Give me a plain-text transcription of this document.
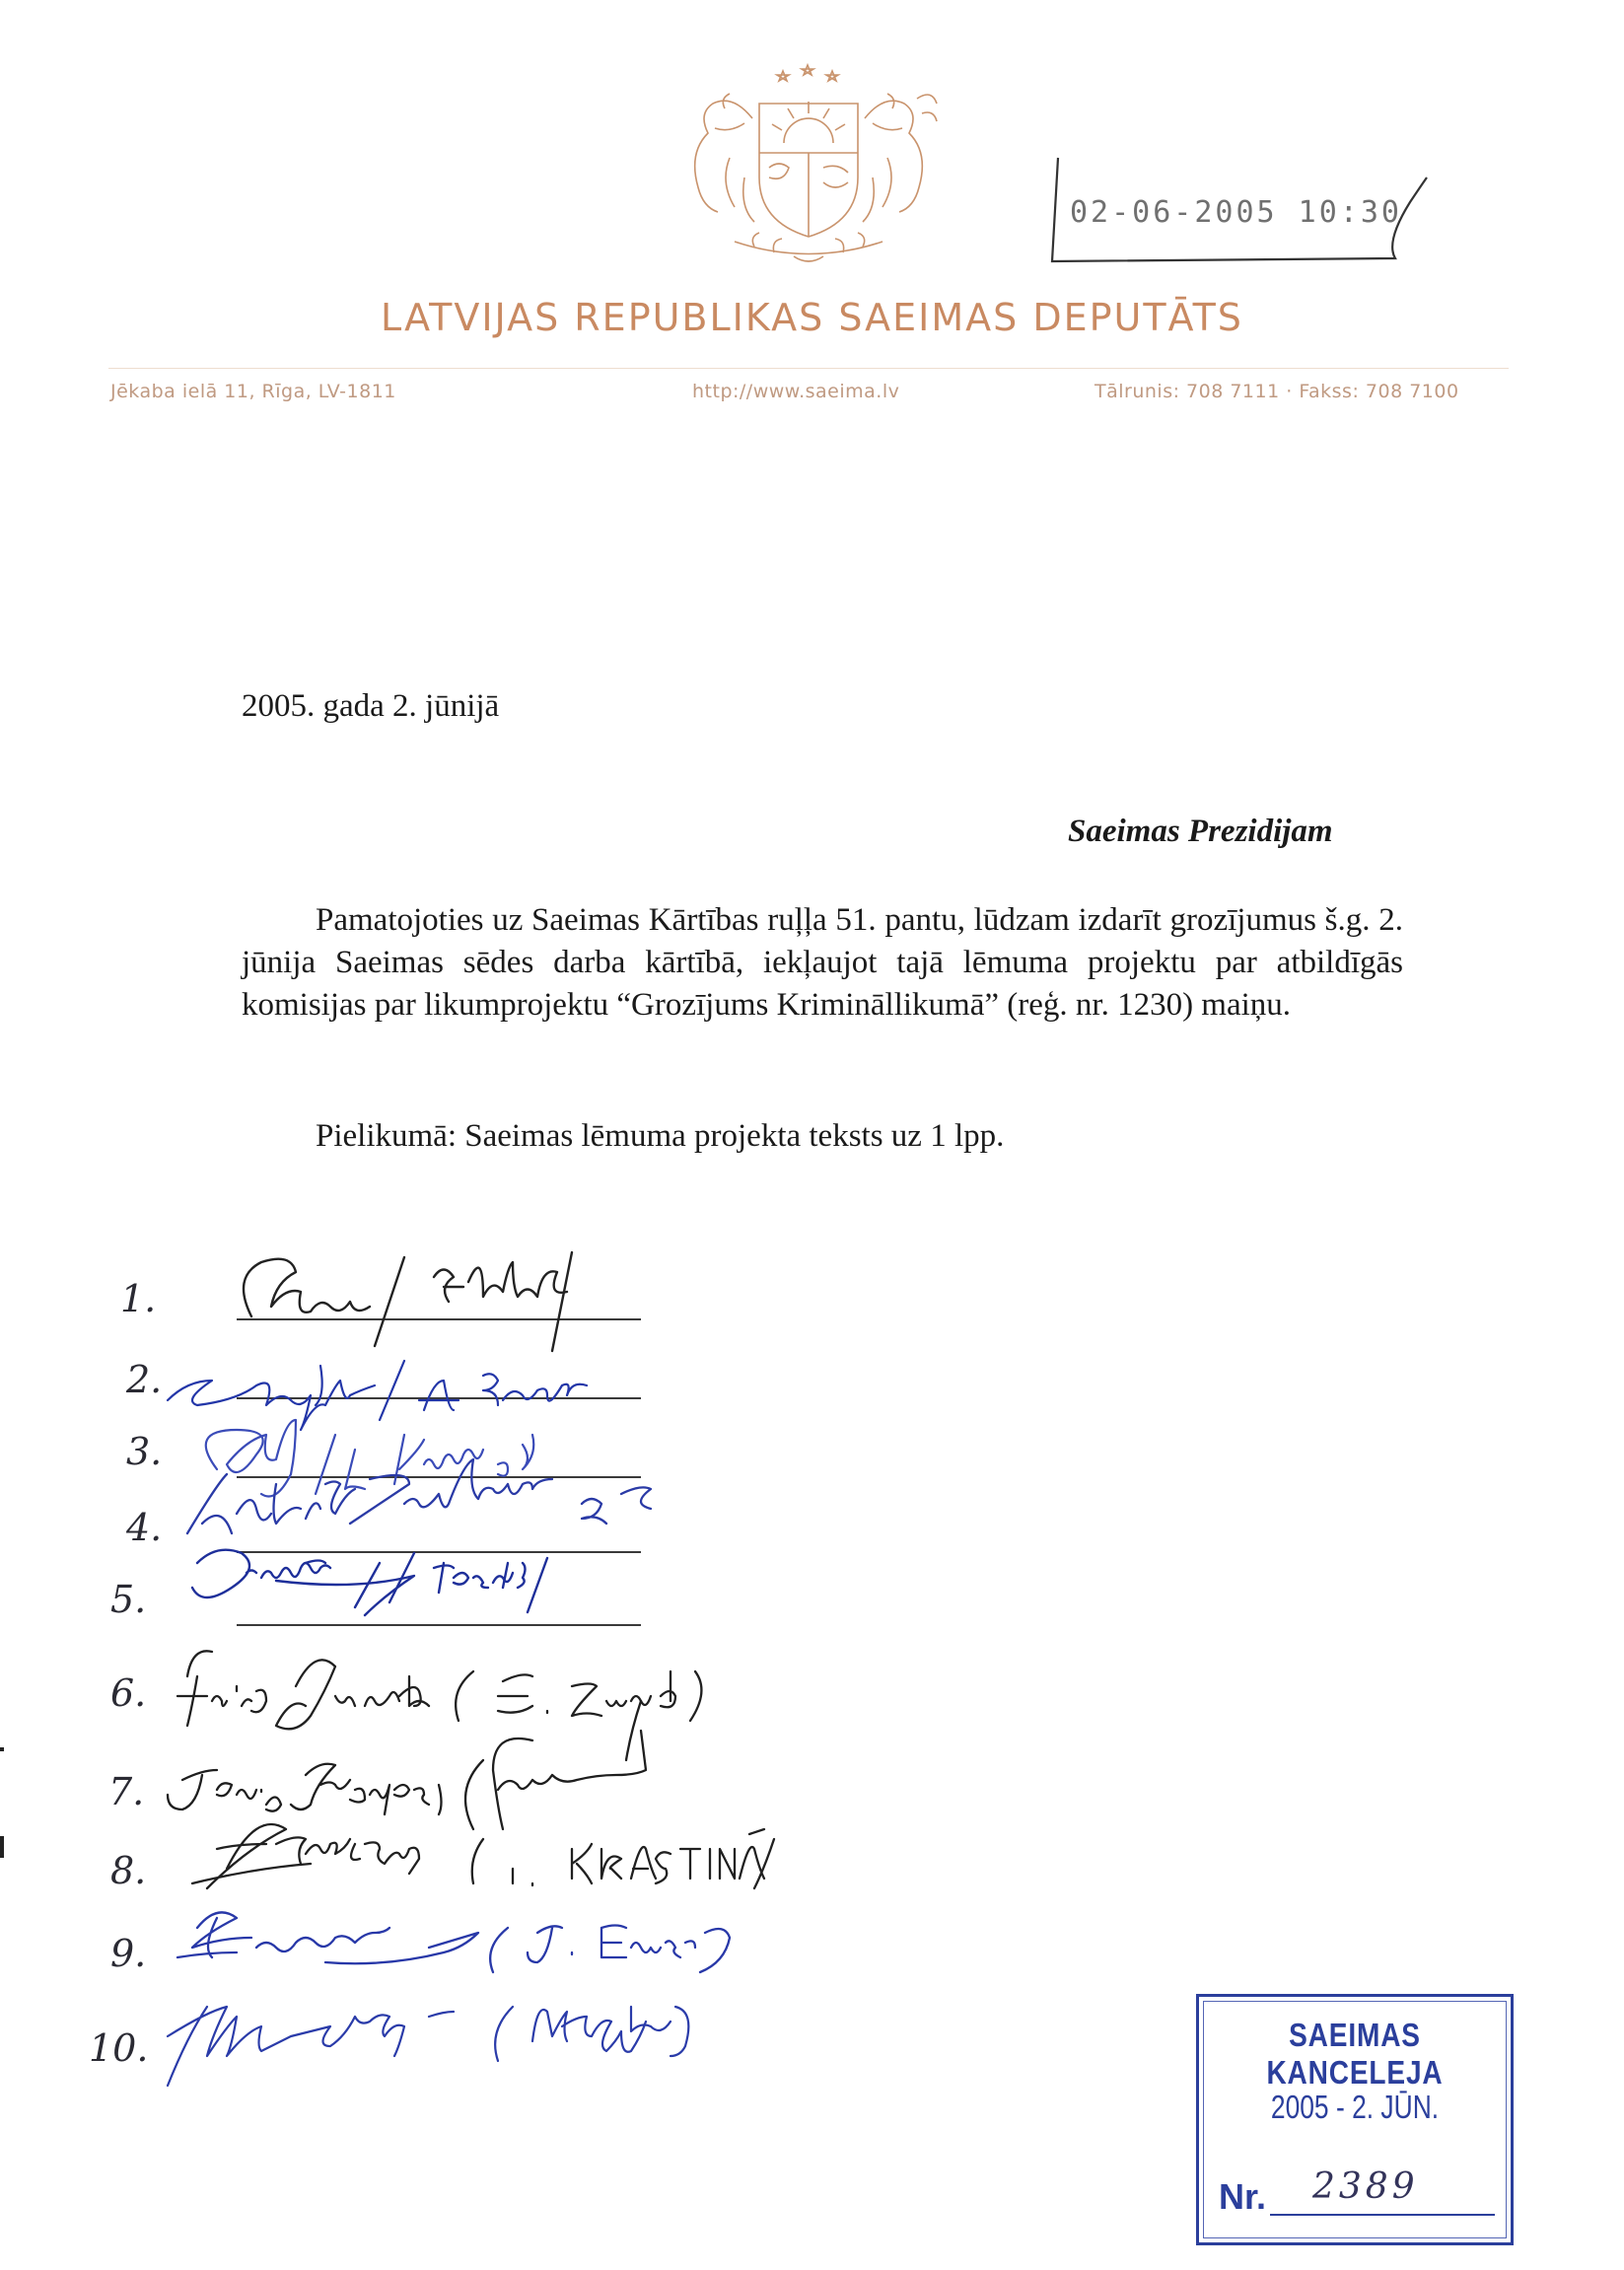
02-06-2005 10:30
LATVIJAS REPUBLIKAS SAEIMAS DEPUTĀTS
Jēkaba ielā 11, Rīga, LV-1811	http://www.saeima.lv	Tālrunis: 708 7111 · Fakss: 708 7100
2005. gada 2. jūnijā
Saeimas Prezidijam

Pamatojoties uz Saeimas Kārtības ruļļa 51. pantu, lūdzam izdarīt grozījumus š.g. 2. jūnija Saeimas sēdes darba kārtībā, iekļaujot tajā lēmuma projektu par atbildīgās komisijas par likumprojektu “Grozījums Krimināllikumā” (reģ. nr. 1230) maiņu.

Pielikumā: Saeimas lēmuma projekta teksts uz 1 lpp.
1.
2.
3.
4.
5.
6.
7.
8.
9.
10.	SAEIMAS KANCELEJA
2005 - 2. JŪN.
Nr. 2389
